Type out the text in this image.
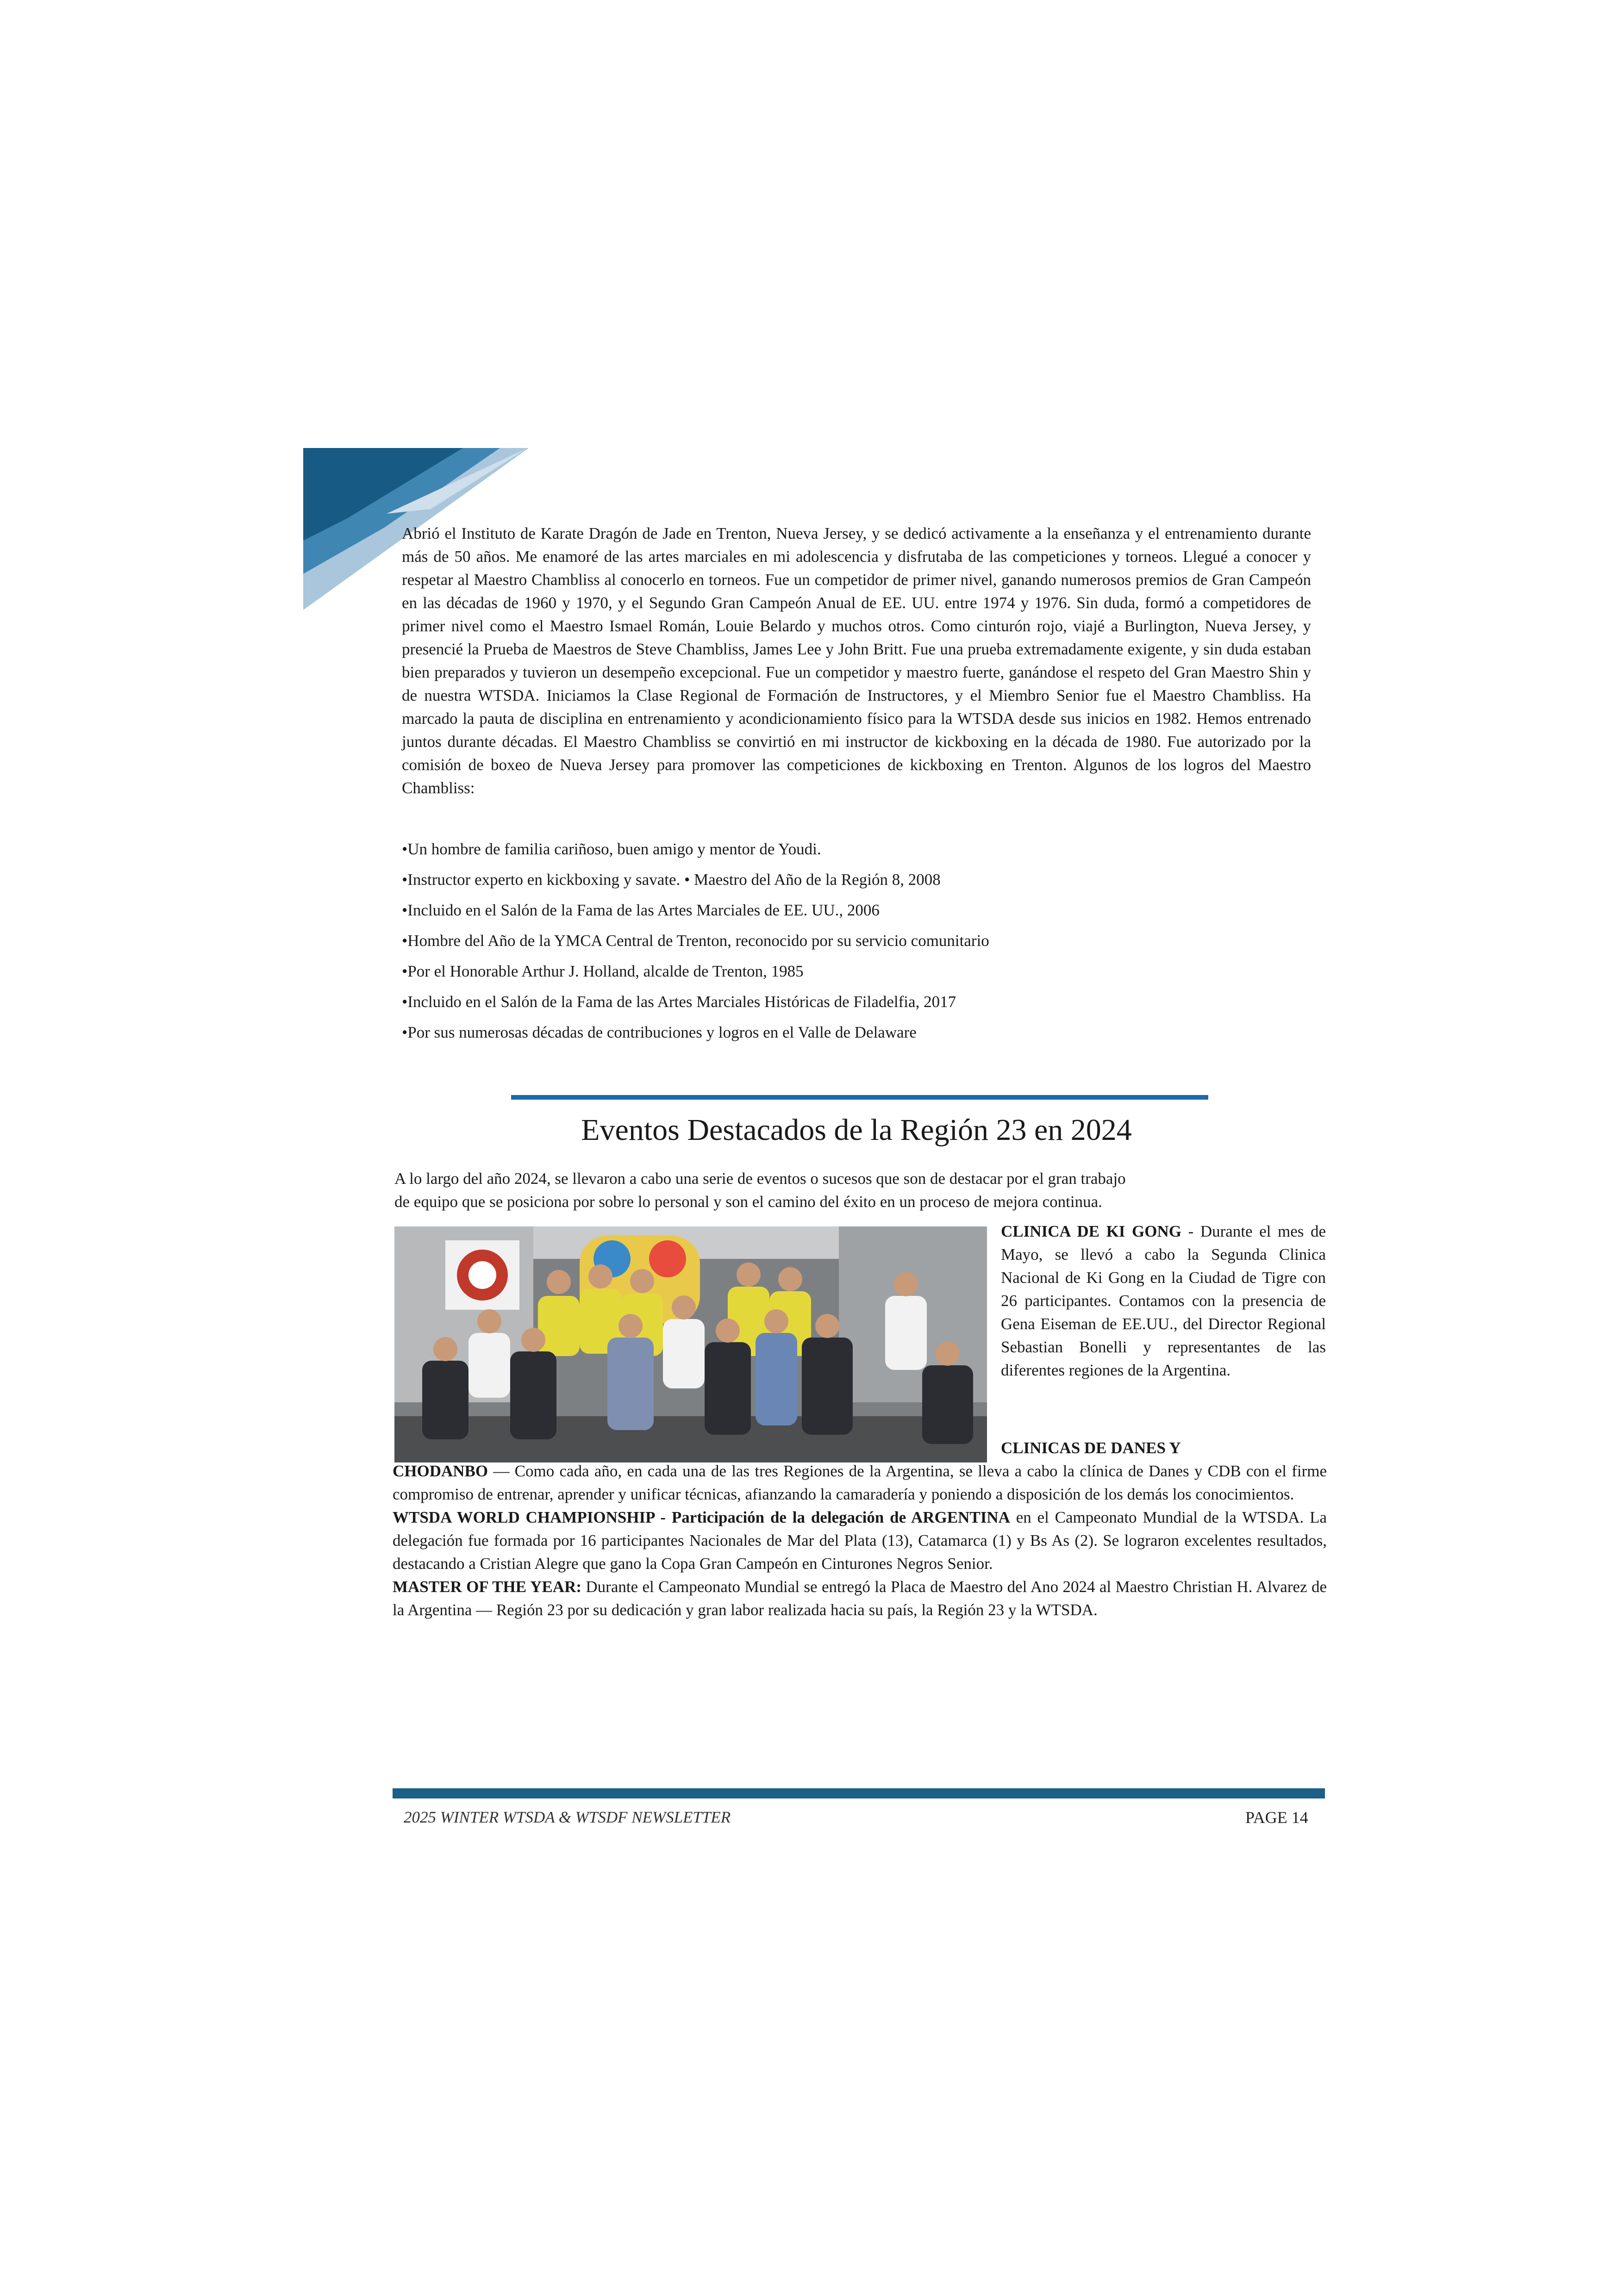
Abrió el Instituto de Karate Dragón de Jade en Trenton, Nueva Jersey, y se dedicó activamente a la enseñanza y el entrenamiento durante más de 50 años. Me enamoré de las artes marciales en mi adolescencia y disfrutaba de las competiciones y torneos. Llegué a conocer y respetar al Maestro Chambliss al conocerlo en torneos. Fue un competidor de primer nivel, ganando numerosos premios de Gran Campeón en las décadas de 1960 y 1970, y el Segundo Gran Campeón Anual de EE. UU. entre 1974 y 1976. Sin duda, formó a competidores de primer nivel como el Maestro Ismael Román, Louie Belardo y muchos otros. Como cinturón rojo, viajé a Burlington, Nueva Jersey, y presencié la Prueba de Maestros de Steve Chambliss, James Lee y John Britt. Fue una prueba extremadamente exigente, y sin duda estaban bien preparados y tuvieron un desempeño excepcional. Fue un competidor y maestro fuerte, ganándose el respeto del Gran Maestro Shin y de nuestra WTSDA. Iniciamos la Clase Regional de Formación de Instructores, y el Miembro Senior fue el Maestro Chambliss. Ha marcado la pauta de disciplina en entrenamiento y acondicionamiento físico para la WTSDA desde sus inicios en 1982. Hemos entrenado juntos durante décadas. El Maestro Chambliss se convirtió en mi instructor de kickboxing en la década de 1980. Fue autorizado por la comisión de boxeo de Nueva Jersey para promover las competiciones de kickboxing en Trenton. Algunos de los logros del Maestro Chambliss:

• Un hombre de familia cariñoso, buen amigo y mentor de Youdi.
• Instructor experto en kickboxing y savate. • Maestro del Año de la Región 8, 2008
• Incluido en el Salón de la Fama de las Artes Marciales de EE. UU., 2006
• Hombre del Año de la YMCA Central de Trenton, reconocido por su servicio comunitario
• Por el Honorable Arthur J. Holland, alcalde de Trenton, 1985
• Incluido en el Salón de la Fama de las Artes Marciales Históricas de Filadelfia, 2017
• Por sus numerosas décadas de contribuciones y logros en el Valle de Delaware
Eventos Destacados de la Región 23 en 2024

A lo largo del año 2024, se llevaron a cabo una serie de eventos o sucesos que son de destacar por el gran trabajo
de equipo que se posiciona por sobre lo personal y son el camino del éxito en un proceso de mejora continua.

CLINICA DE KI GONG - Durante el mes de Mayo, se llevó a cabo la Segunda Clinica Nacional de Ki Gong en la Ciudad de Tigre con 26 participantes. Contamos con la presencia de Gena Eiseman de EE.UU., del Director Regional Sebastian Bonelli y representantes de las diferentes regiones de la Argentina.

CLINICAS DE DANES Y

CHODANBO — Como cada año, en cada una de las tres Regiones de la Argentina, se lleva a cabo la clínica de Danes y CDB con el firme compromiso de entrenar, aprender y unificar técnicas, afianzando la camaradería y poniendo a disposición de los demás los conocimientos.

WTSDA WORLD CHAMPIONSHIP - Participación de la delegación de ARGENTINA en el Campeonato Mundial de la WTSDA. La delegación fue formada por 16 participantes Nacionales de Mar del Plata (13), Catamarca (1) y Bs As (2). Se lograron excelentes resultados, destacando a Cristian Alegre que gano la Copa Gran Campeón en Cinturones Negros Senior.

MASTER OF THE YEAR: Durante el Campeonato Mundial se entregó la Placa de Maestro del Ano 2024 al Maestro Christian H. Alvarez de la Argentina — Región 23 por su dedicación y gran labor realizada hacia su país, la Región 23 y la WTSDA.

2025 WINTER WTSDA & WTSDF NEWSLETTER	PAGE 14
